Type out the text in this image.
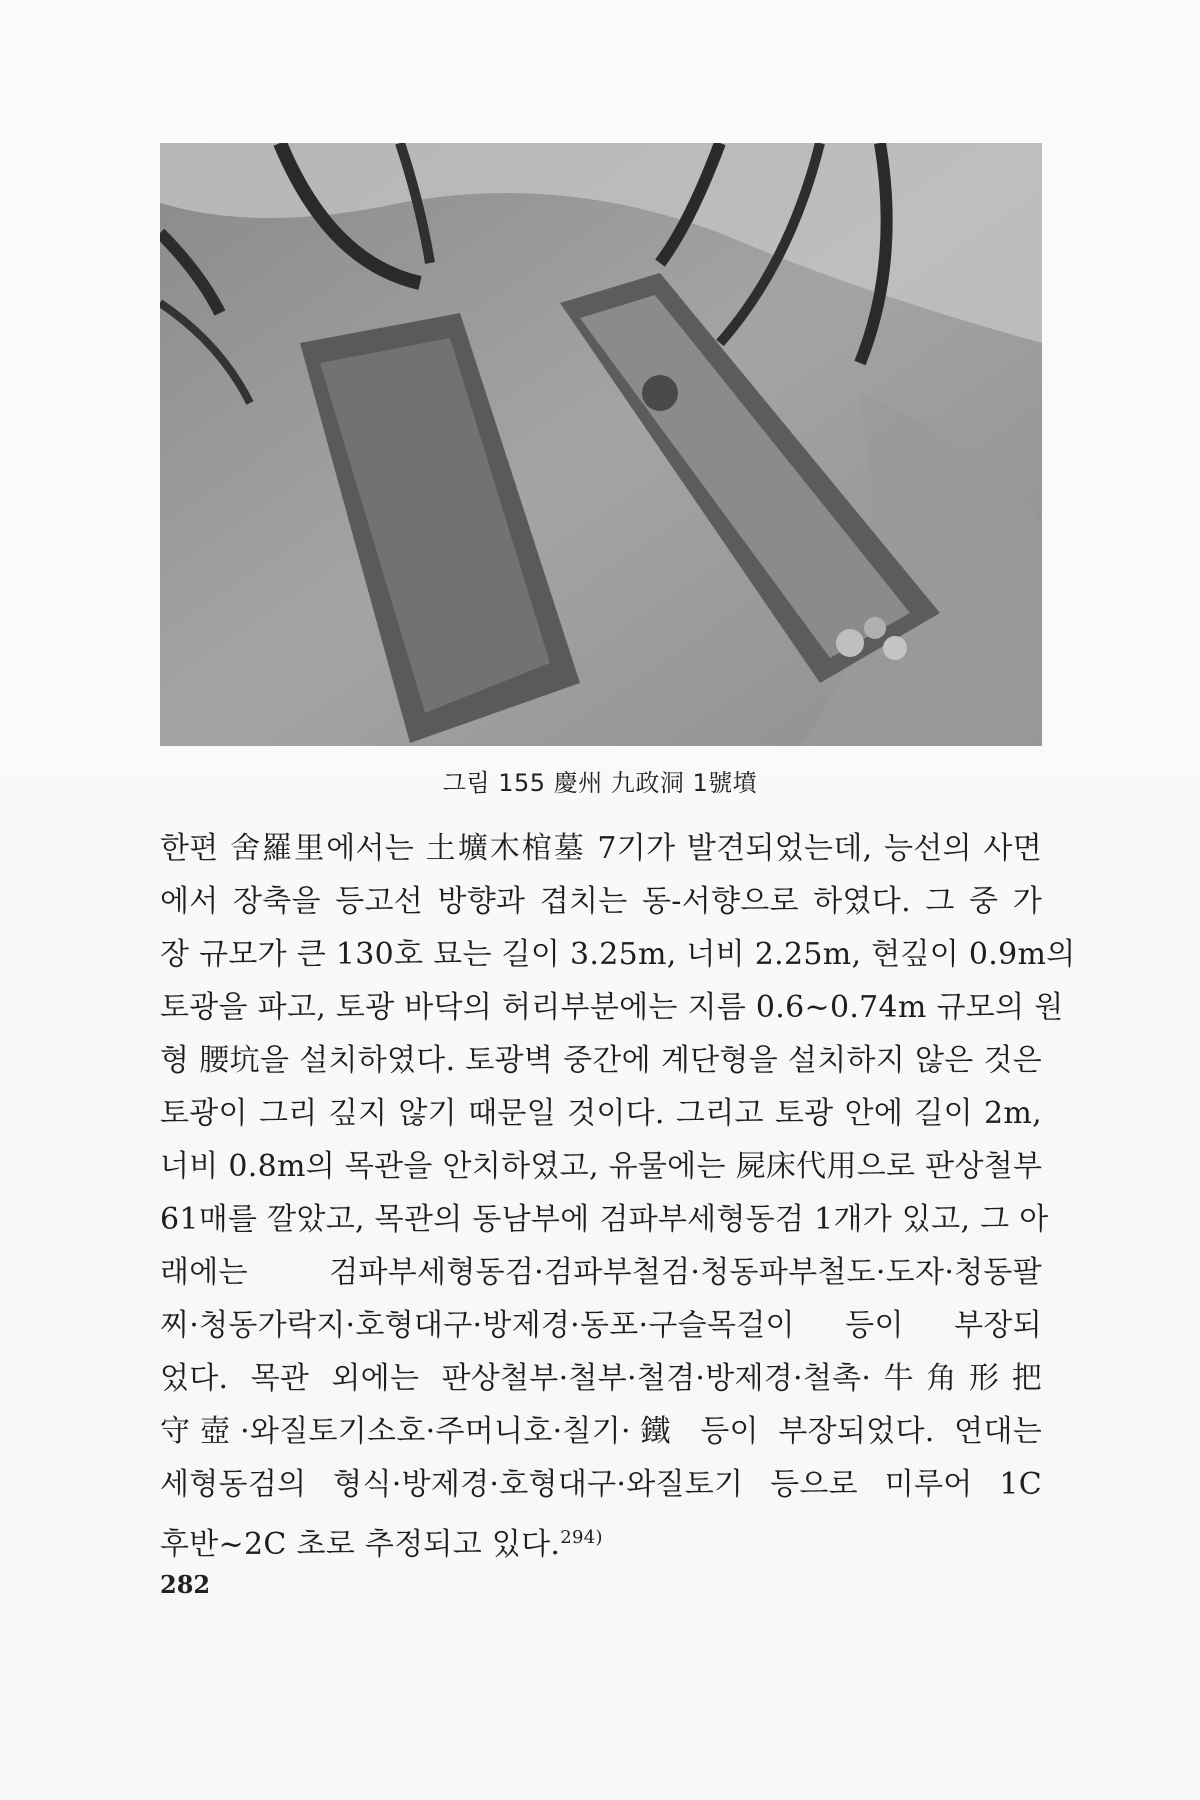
그림 155 慶州 九政洞 1號墳
한편 舍羅里에서는 土壙木棺墓 7기가 발견되었는데, 능선의 사면
에서 장축을 등고선 방향과 겹치는 동-서향으로 하였다. 그 중 가
장 규모가 큰 130호 묘는 길이 3.25m, 너비 2.25m, 현깊이 0.9m의
토광을 파고, 토광 바닥의 허리부분에는 지름 0.6~0.74m 규모의 원
형 腰坑을 설치하였다. 토광벽 중간에 계단형을 설치하지 않은 것은
토광이 그리 깊지 않기 때문일 것이다. 그리고 토광 안에 길이 2m,
너비 0.8m의 목관을 안치하였고, 유물에는 屍床代用으로 판상철부
61매를 깔았고, 목관의 동남부에 검파부세형동검 1개가 있고, 그 아
래에는 검파부세형동검·검파부철검·청동파부철도·도자·청동팔
찌·청동가락지·호형대구·방제경·동포·구슬목걸이 등이 부장되
었다. 목관 외에는 판상철부·철부·철겸·방제경·철촉·牛角形把
守壺·와질토기소호·주머니호·칠기·鐵 등이 부장되었다. 연대는
세형동검의 형식·방제경·호형대구·와질토기 등으로 미루어 1C
후반~2C 초로 추정되고 있다.$^{294)}$
282
